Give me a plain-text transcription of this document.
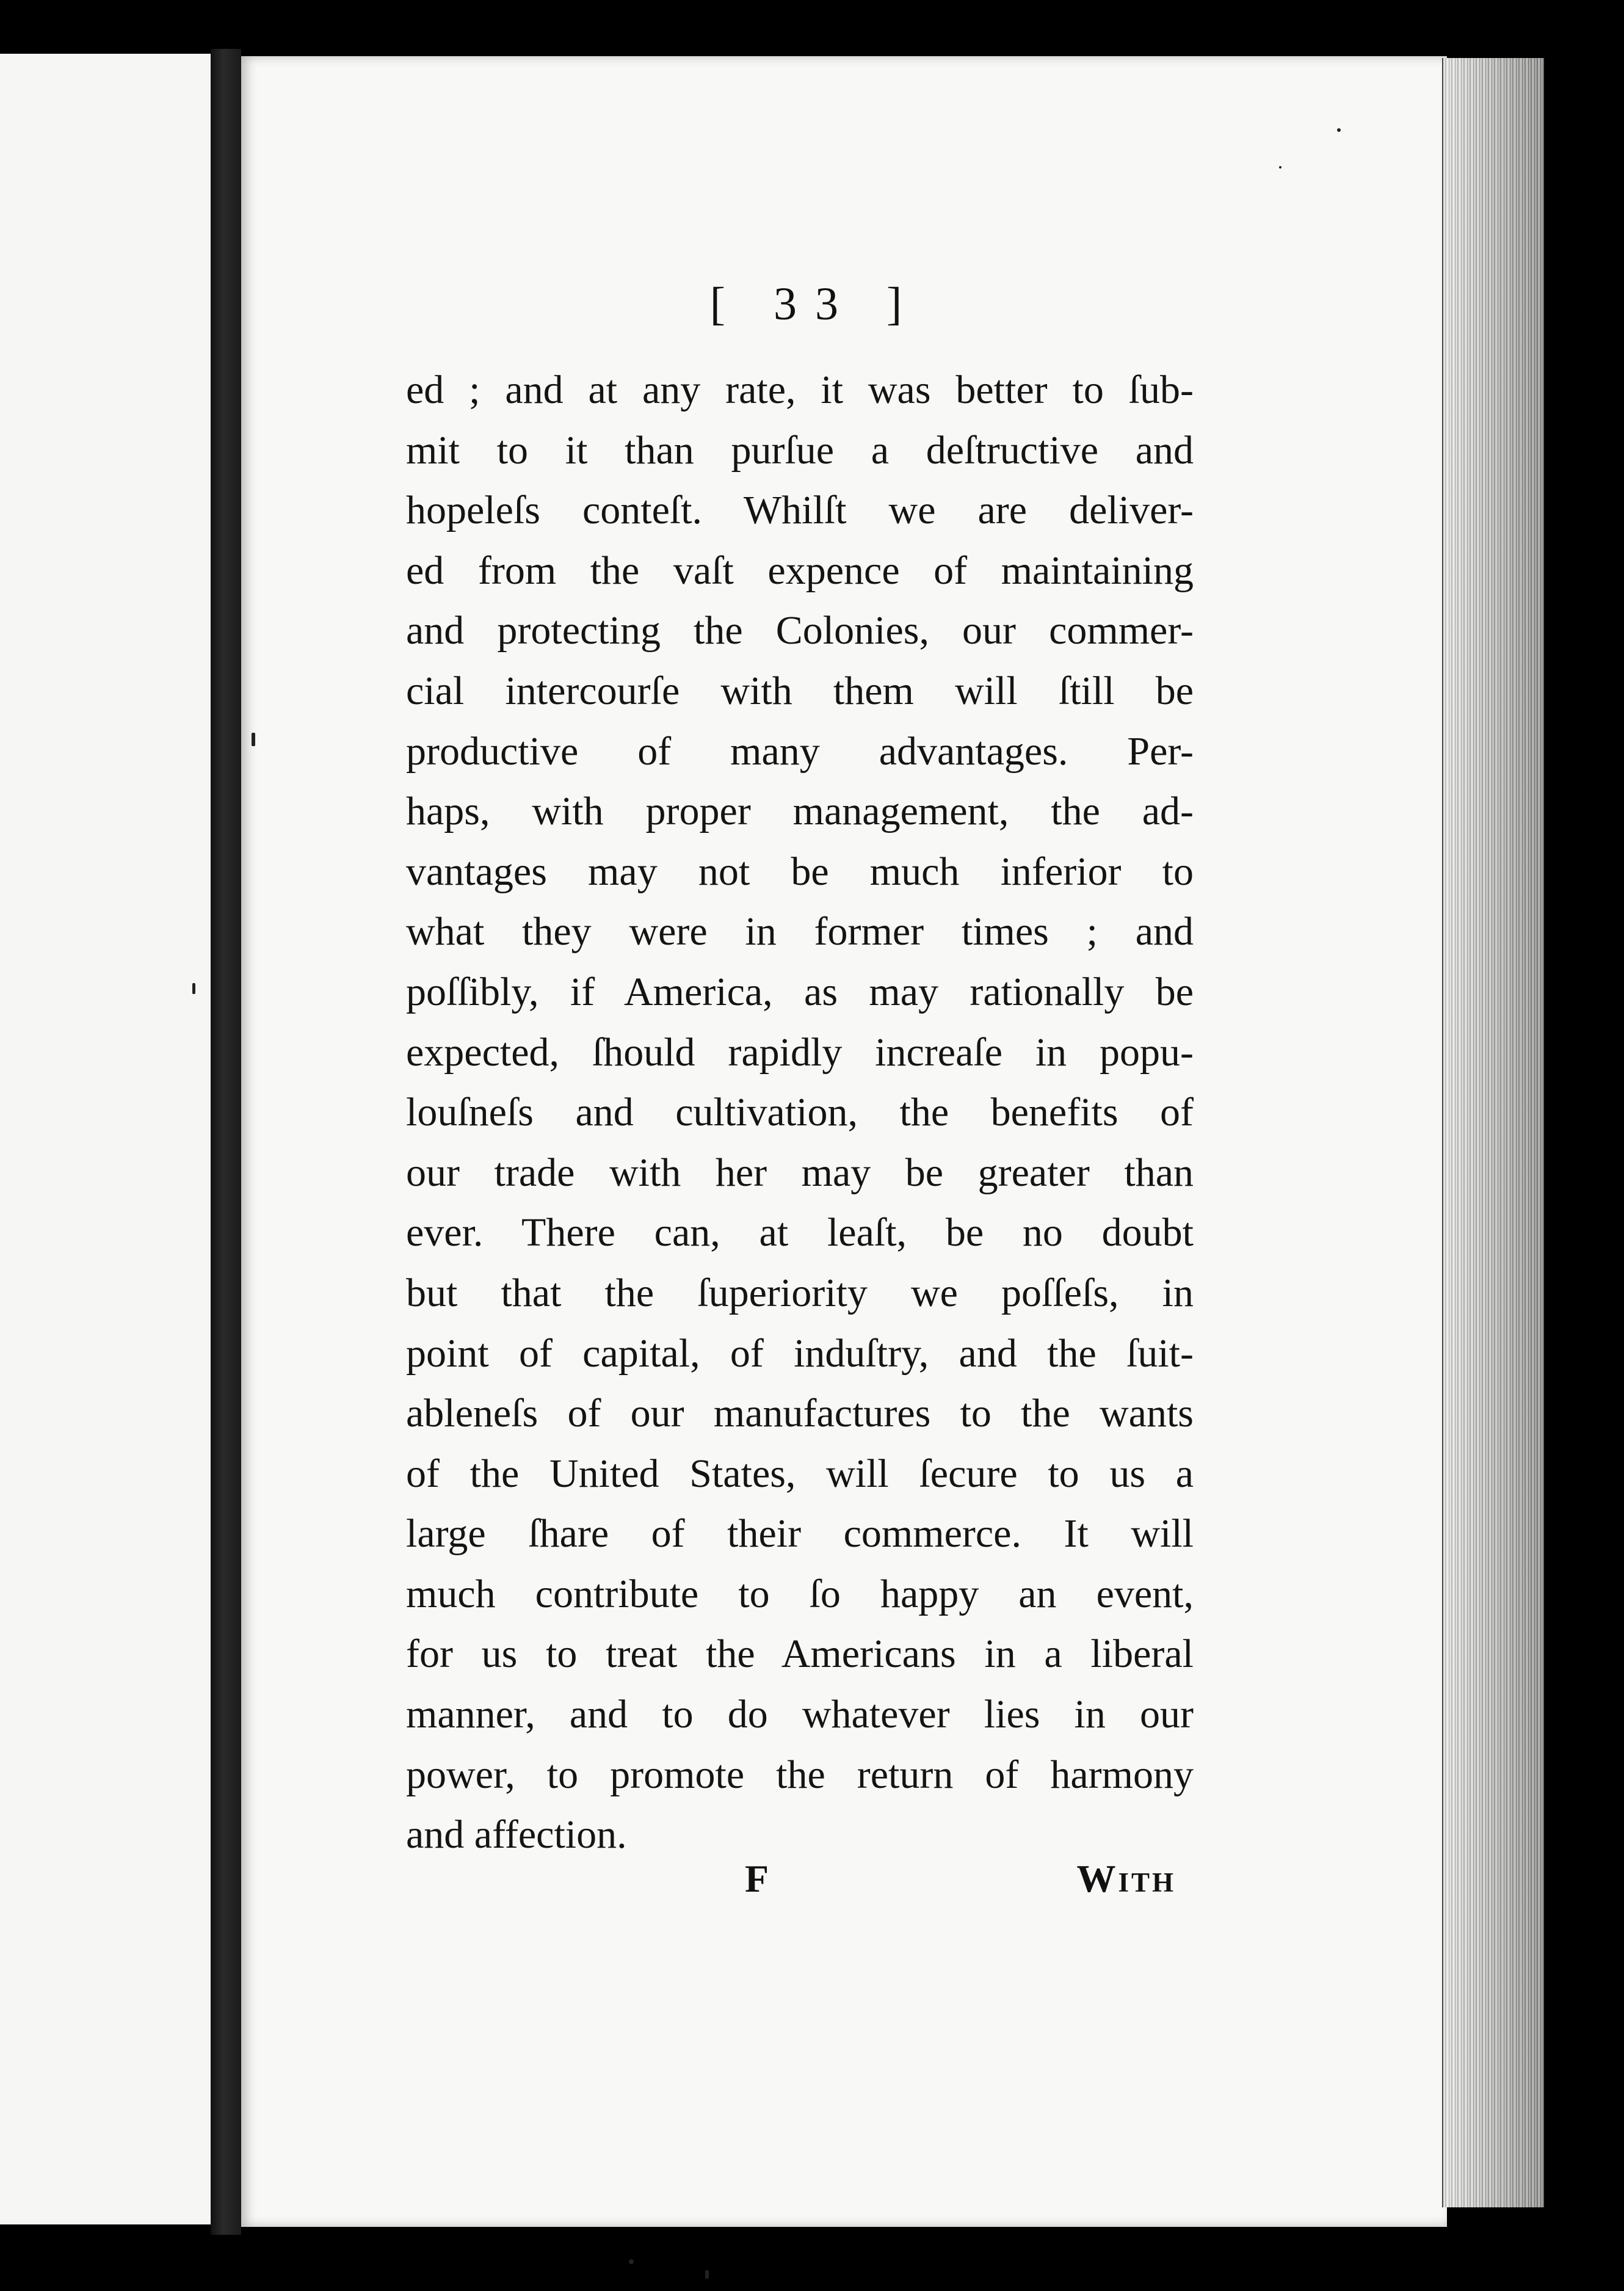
[ 33 ]
ed ; and at any rate, it was better to ſub-
mit to it than purſue a deſtructive and
hopeleſs conteſt. Whilſt we are deliver-
ed from the vaſt expence of maintaining
and protecting the Colonies, our commer-
cial intercourſe with them will ſtill be
productive of many advantages. Per-
haps, with proper management, the ad-
vantages may not be much inferior to
what they were in former times ; and
poſſibly, if America, as may rationally be
expected, ſhould rapidly increaſe in popu-
louſneſs and cultivation, the benefits of
our trade with her may be greater than
ever. There can, at leaſt, be no doubt
but that the ſuperiority we poſſeſs, in
point of capital, of induſtry, and the ſuit-
ableneſs of our manufactures to the wants
of the United States, will ſecure to us a
large ſhare of their commerce. It will
much contribute to ſo happy an event,
for us to treat the Americans in a liberal
manner, and to do whatever lies in our
power, to promote the return of harmony
and affection.
F	With
